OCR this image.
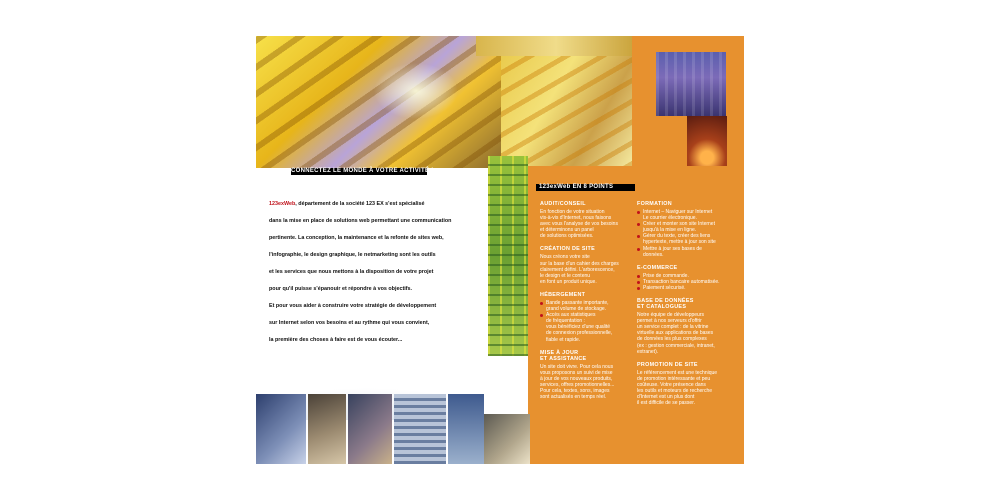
CONNECTEZ LE MONDE À VOTRE ACTIVITÉ !
123exWeb EN 8 POINTS

123exWeb, département de la société 123 EX s'est spécialisé

dans la mise en place de solutions web permettant une communication

pertinente. La conception, la maintenance et la refonte de sites web,

l'infographie, le design graphique, le netmarketing sont les outils

et les services que nous mettons à la disposition de votre projet

pour qu'il puisse s'épanouir et répondre à vos objectifs.

Et pour vous aider à construire votre stratégie de développement

sur Internet selon vos besoins et au rythme qui vous convient,

la première des choses à faire est de vous écouter...

AUDIT/CONSEIL

En fonction de votre situation

vis-à-vis d'Internet, nous faisons

avec vous l'analyse de vos besoins

et déterminons un panel

de solutions optimisées.

CRÉATION DE SITE

Nous créons votre site

sur la base d'un cahier des charges

clairement défini. L'arborescence,

le design et le contenu

en font un produit unique.

HÉBERGEMENT
Bande passante importante,
grand volume de stockage.
Accès aux statistiques
de fréquentation :
vous bénéficiez d'une qualité
de connexion professionnelle,
fiable et rapide.
MISE À JOUR
ET ASSISTANCE

Un site doit vivre. Pour cela nous

vous proposons un suivi de mise

à jour de vos nouveaux produits,

services, offres promotionnelles...

Pour cela, textes, sons, images

sont actualisés en temps réel.

FORMATION
Internet – Naviguer sur Internet
Le courrier électronique.
Créer et monter son site Internet
jusqu'à la mise en ligne.
Gérer du texte, créer des liens
hypertexte, mettre à jour son site
Mettre à jour ses bases de
données.
E-COMMERCE
Prise de commande.
Transaction bancaire automatisée.
Paiement sécurisé.
BASE DE DONNÉES
ET CATALOGUES

Notre équipe de développeurs

permet à nos serveurs d'offrir

un service complet : de la vitrine

virtuelle aux applications de bases

de données les plus complexes

(ex : gestion commerciale, intranet,

extranet).

PROMOTION DE SITE

Le référencement est une technique

de promotion intéressante et peu

coûteuse. Votre présence dans

les outils et moteurs de recherche

d'Internet est un plus dont

il est difficile de se passer.
